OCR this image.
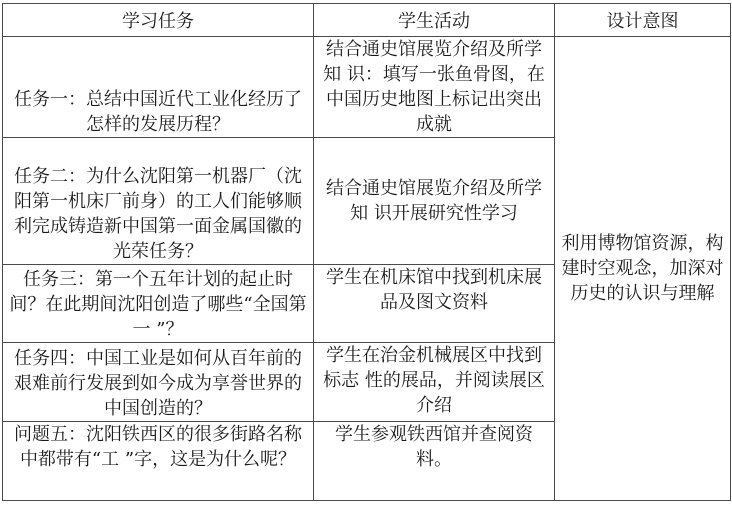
学习任务	学生活动	设计意图
任务一：总结中国近代工业化经历了怎样的发展历程？	结合通史馆展览介绍及所学知 识：填写一张鱼骨图，在中国历史地图上标记出突出成就	利用博物馆资源，构建时空观念，加深对历史的认识与理解
任务二：为什么沈阳第一机器厂（沈阳第一机床厂前身）的工人们能够顺利完成铸造新中国第一面金属国徽的光荣任务？	结合通史馆展览介绍及所学知 识开展研究性学习	
任务三：第一个五年计划的起止时间？在此期间沈阳创造了哪些“全国第一 ”？	学生在机床馆中找到机床展品及图文资料	
任务四：中国工业是如何从百年前的艰难前行发展到如今成为享誉世界的中国创造的？	学生在治金机械展区中找到标志 性的展品，并阅读展区介绍	
问题五：沈阳铁西区的很多街路名称中都带有“工 ”字，这是为什么呢？	学生参观铁西馆并查阅资料。	
